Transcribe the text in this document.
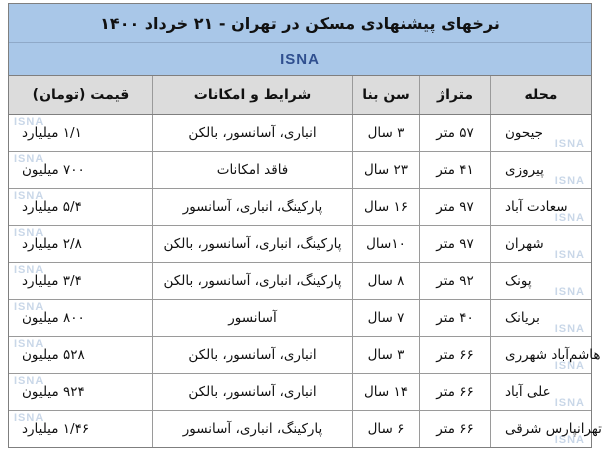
نرخهای پیشنهادی مسکن در تهران - ۲۱ خرداد ۱۴۰۰
ISNA
محله
متراژ
سن بنا
شرایط و امکانات
قیمت (تومان)
ISNA
جیحون
۵۷ متر
۳ سال
انباری، آسانسور، بالکن
ISNA
۱/۱ میلیارد
ISNA
پیروزی
۴۱ متر
۲۳ سال
فاقد امکانات
ISNA
۷۰۰ میلیون
ISNA
سعادت آباد
۹۷ متر
۱۶ سال
پارکینگ، انباری، آسانسور
ISNA
۵/۴ میلیارد
ISNA
شهران
۹۷ متر
۱۰سال
پارکینگ، انباری، آسانسور، بالکن
ISNA
۲/۸ میلیارد
ISNA
پونک
۹۲ متر
۸ سال
پارکینگ، انباری، آسانسور، بالکن
ISNA
۳/۴ میلیارد
ISNA
بریانک
۴۰ متر
۷ سال
آسانسور
ISNA
۸۰۰ میلیون
ISNA
هاشم‌آباد شهرری
۶۶ متر
۳ سال
انباری، آسانسور، بالکن
ISNA
۵۲۸ میلیون
ISNA
علی آباد
۶۶ متر
۱۴ سال
انباری، آسانسور، بالکن
ISNA
۹۲۴ میلیون
ISNA
تهرانپارس شرقی
۶۶ متر
۶ سال
پارکینگ، انباری، آسانسور
ISNA
۱/۴۶ میلیارد
